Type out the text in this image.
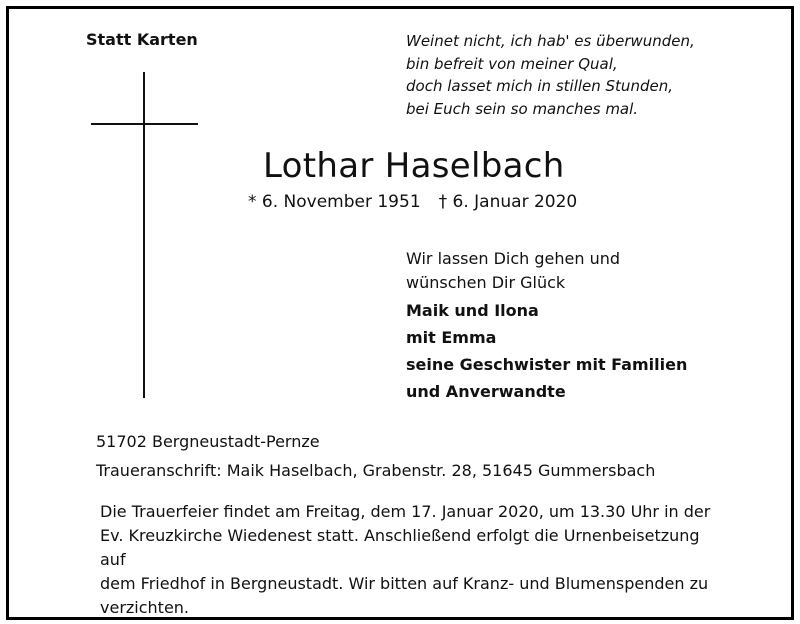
Statt Karten	Weinet nicht, ich hab' es überwunden,
bin befreit von meiner Qual,
doch lasset mich in stillen Stunden,
bei Euch sein so manches mal.
Lothar Haselbach
* 6. November 1951 † 6. Januar 2020
Wir lassen Dich gehen und
wünschen Dir Glück
Maik und Ilona
mit Emma
seine Geschwister mit Familien
und Anverwandte
51702 Bergneustadt-Pernze
Traueranschrift: Maik Haselbach, Grabenstr. 28, 51645 Gummersbach
Die Trauerfeier findet am Freitag, dem 17. Januar 2020, um 13.30 Uhr in der
Ev. Kreuzkirche Wiedenest statt. Anschließend erfolgt die Urnenbeisetzung auf
dem Friedhof in Bergneustadt. Wir bitten auf Kranz- und Blumenspenden zu
verzichten.
